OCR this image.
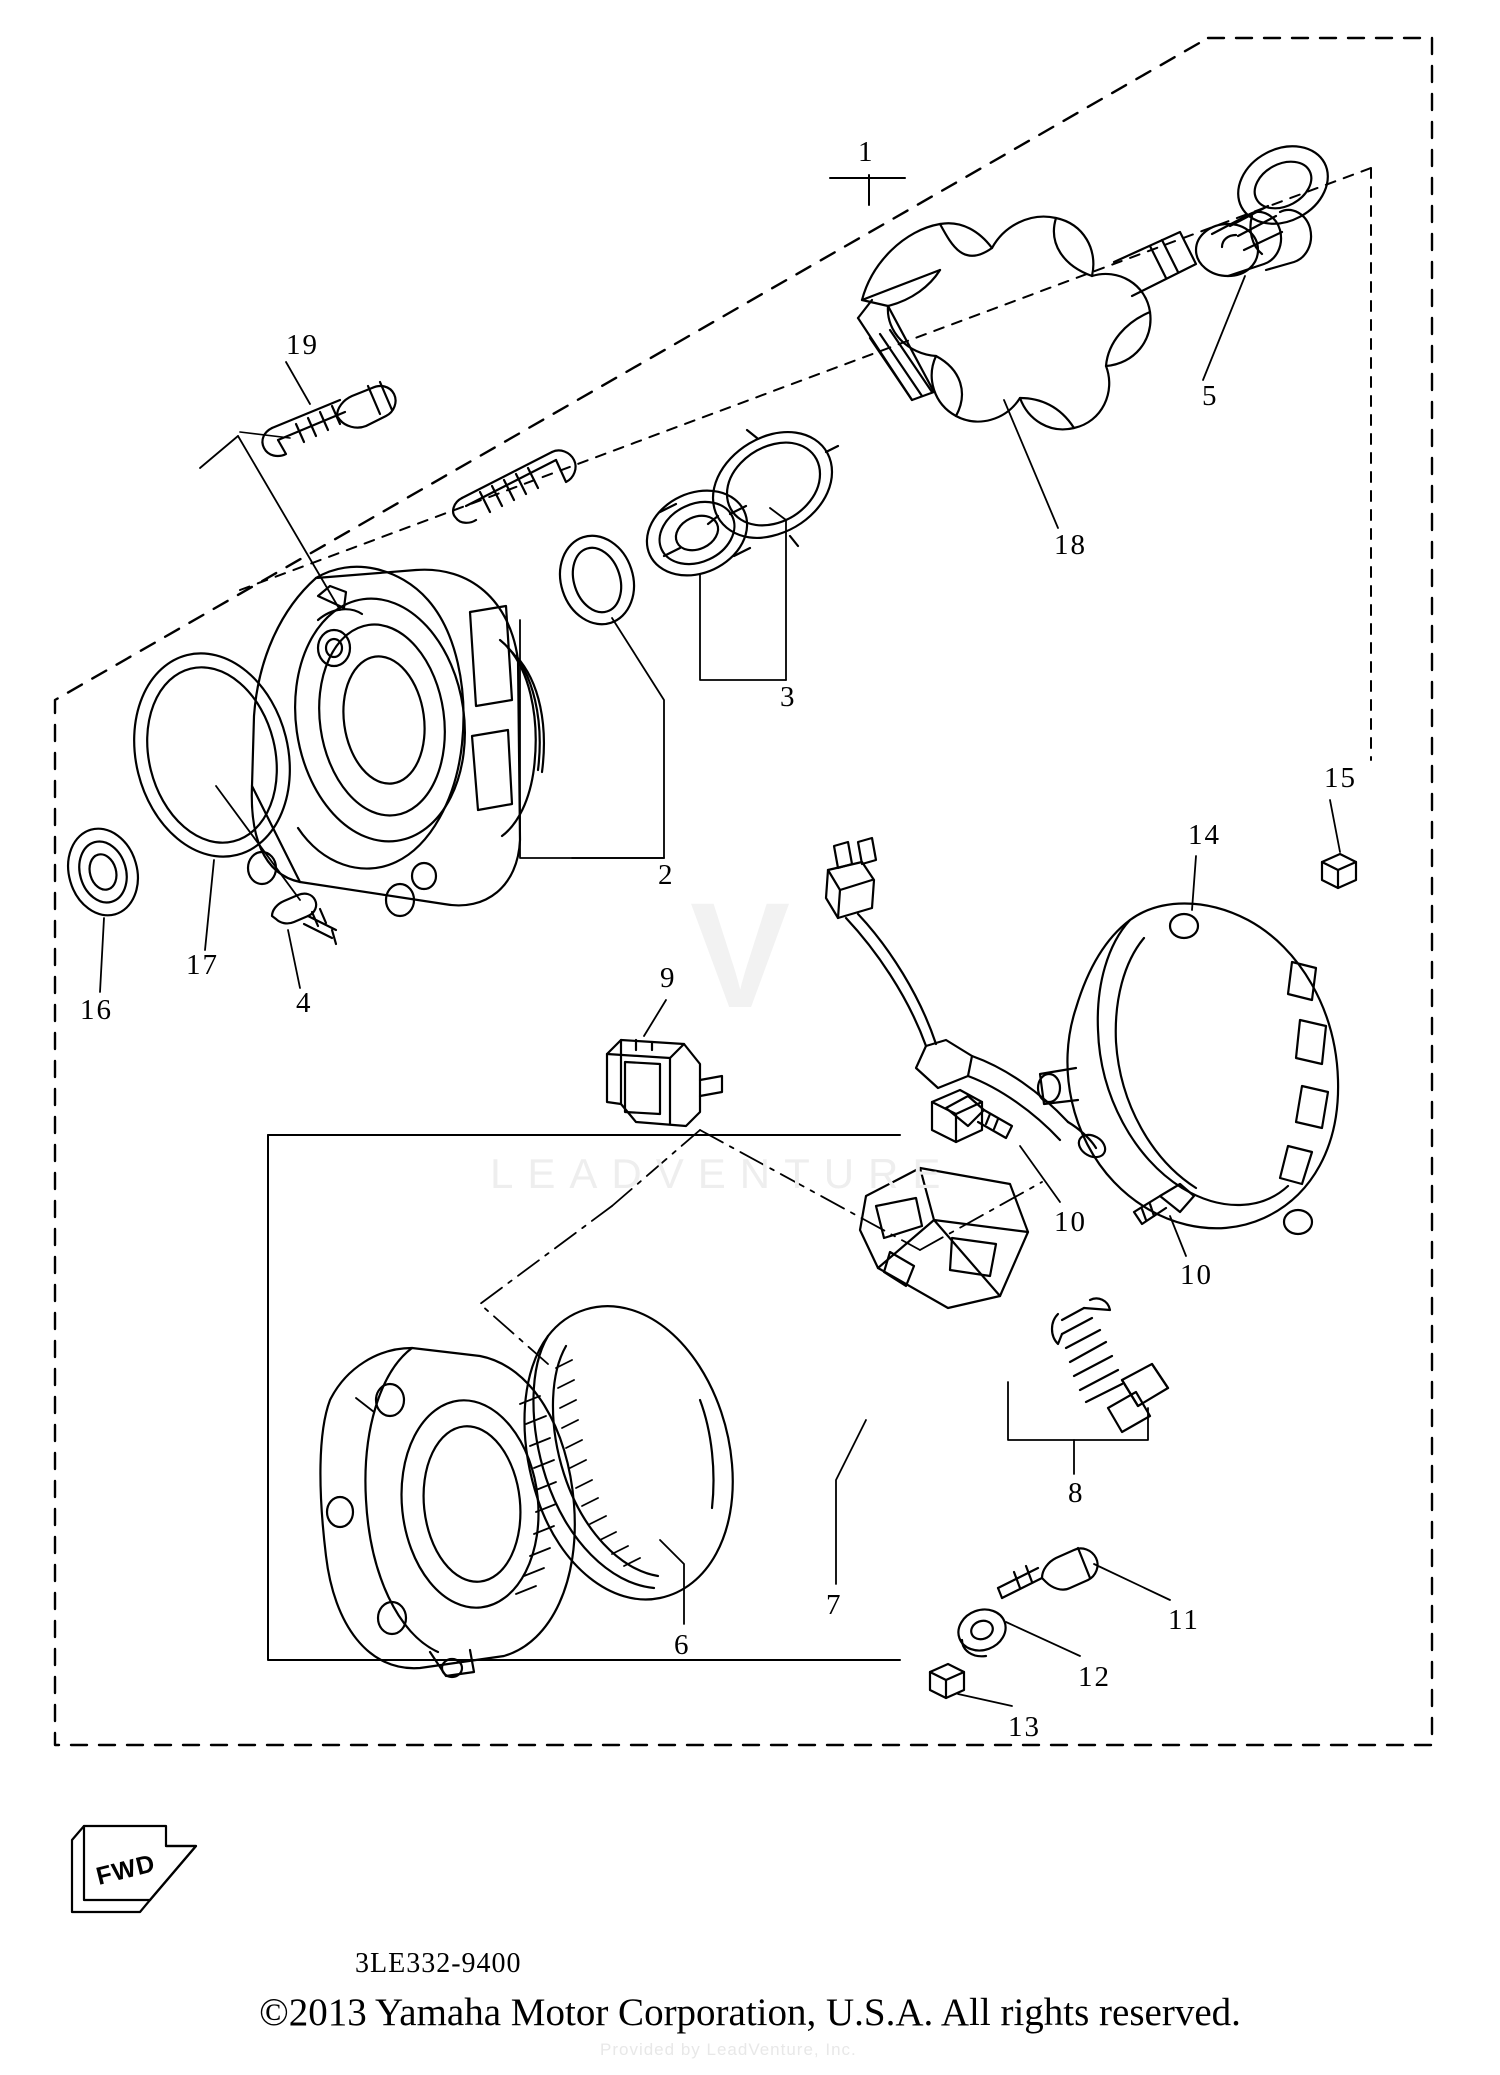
V
LEADVENTURE
Provided by LeadVenture, Inc.
1
19
5
18
3
2
17
16	4
15
14
9
10
10
8
6
7	11
12
13
FWD
3LE332-9400
©2013 Yamaha Motor Corporation, U.S.A. All rights reserved.
